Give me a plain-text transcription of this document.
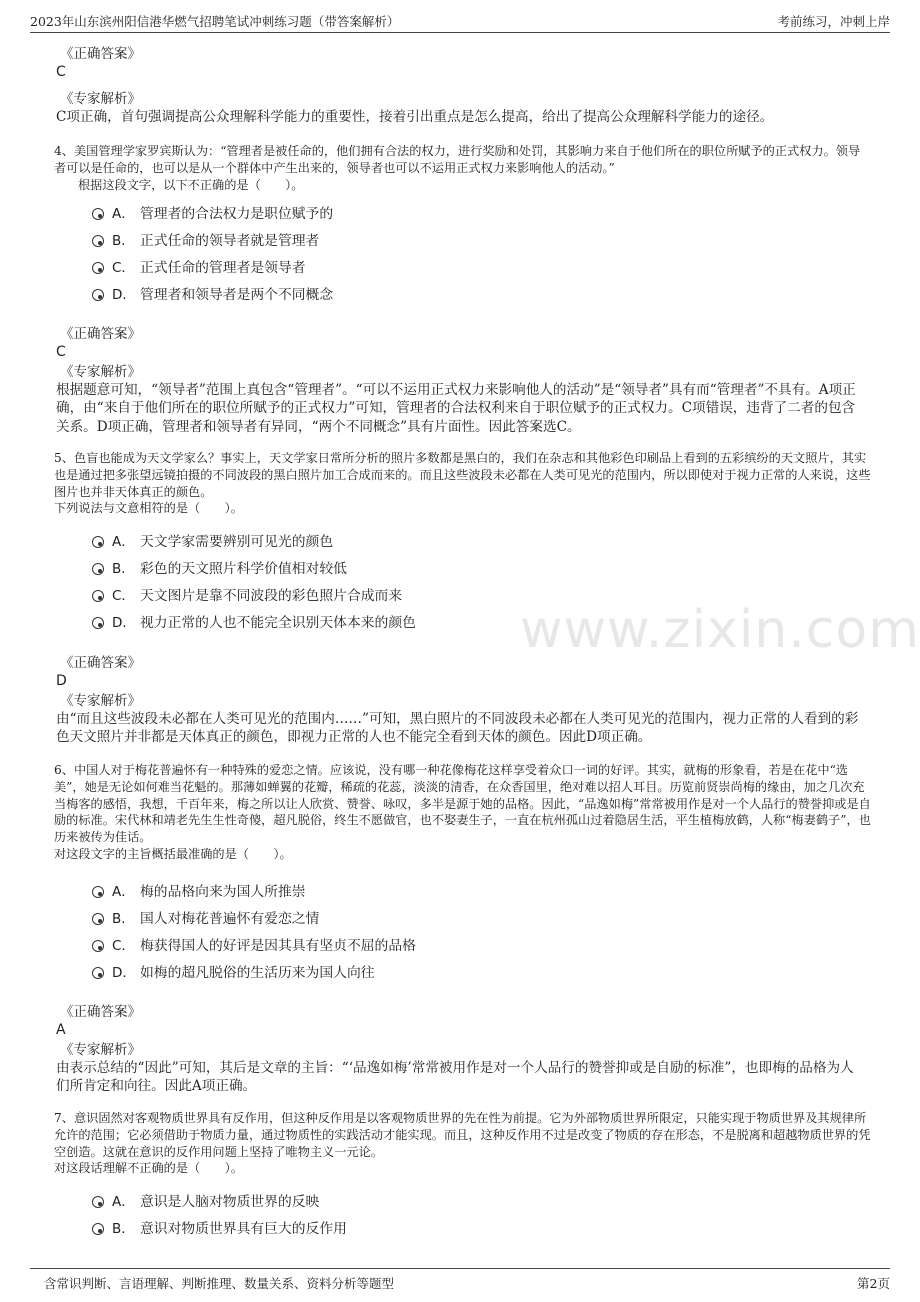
2023年山东滨州阳信港华燃气招聘笔试冲刺练习题（带答案解析）	考前练习，冲刺上岸
www.zixin.com
《正确答案》
C
《专家解析》
C项正确，首句强调提高公众理解科学能力的重要性，接着引出重点是怎么提高，给出了提高公众理解科学能力的途径。

4、美国管理学家罗宾斯认为：“管理者是被任命的，他们拥有合法的权力，进行奖励和处罚，其影响力来自于他们所在的职位所赋予的正式权力。领导者可以是任命的，也可以是从一个群体中产生出来的，领导者也可以不运用正式权力来影响他人的活动。”

根据这段文字，以下不正确的是（　　）。

A． 管理者的合法权力是职位赋予的
B． 正式任命的领导者就是管理者
C． 正式任命的管理者是领导者
D． 管理者和领导者是两个不同概念
《正确答案》
C
《专家解析》
根据题意可知，“领导者”范围上真包含“管理者”。“可以不运用正式权力来影响他人的活动”是“领导者”具有而“管理者”不具有。A项正确，由“来自于他们所在的职位所赋予的正式权力”可知，管理者的合法权利来自于职位赋予的正式权力。C项错误，违背了二者的包含关系。D项正确，管理者和领导者有异同，“两个不同概念”具有片面性。因此答案选C。

5、色盲也能成为天文学家么？事实上，天文学家日常所分析的照片多数都是黑白的，我们在杂志和其他彩色印刷品上看到的五彩缤纷的天文照片，其实也是通过把多张望远镜拍摄的不同波段的黑白照片加工合成而来的。而且这些波段未必都在人类可见光的范围内，所以即使对于视力正常的人来说，这些图片也并非天体真正的颜色。

下列说法与文意相符的是（　　）。

A． 天文学家需要辨别可见光的颜色
B． 彩色的天文照片科学价值相对较低
C． 天文图片是靠不同波段的彩色照片合成而来
D． 视力正常的人也不能完全识别天体本来的颜色
《正确答案》
D
《专家解析》
由“而且这些波段未必都在人类可见光的范围内……”可知，黑白照片的不同波段未必都在人类可见光的范围内，视力正常的人看到的彩色天文照片并非都是天体真正的颜色，即视力正常的人也不能完全看到天体的颜色。因此D项正确。

6、中国人对于梅花普遍怀有一种特殊的爱恋之情。应该说，没有哪一种花像梅花这样享受着众口一词的好评。其实，就梅的形象看，若是在花中“选美”，她是无论如何难当花魁的。那薄如蝉翼的花瓣，稀疏的花蕊，淡淡的清香，在众香国里，绝对难以招人耳目。历览前贤崇尚梅的缘由，加之几次充当梅客的感悟，我想，千百年来，梅之所以让人欣赏、赞誉、咏叹，多半是源于她的品格。因此，“品逸如梅”常常被用作是对一个人品行的赞誉抑或是自励的标准。宋代林和靖老先生生性奇傻，超凡脱俗，终生不愿做官，也不娶妻生子，一直在杭州孤山过着隐居生活，平生植梅放鹤，人称“梅妻鹤子”，也历来被传为佳话。

对这段文字的主旨概括最准确的是（　　）。

A． 梅的品格向来为国人所推崇
B． 国人对梅花普遍怀有爱恋之情
C． 梅获得国人的好评是因其具有坚贞不屈的品格
D． 如梅的超凡脱俗的生活历来为国人向往
《正确答案》
A
《专家解析》
由表示总结的“因此”可知，其后是文章的主旨：“‘品逸如梅’常常被用作是对一个人品行的赞誉抑或是自励的标准”，也即梅的品格为人们所肯定和向往。因此A项正确。

7、意识固然对客观物质世界具有反作用，但这种反作用是以客观物质世界的先在性为前提。它为外部物质世界所限定，只能实现于物质世界及其规律所允许的范围；它必须借助于物质力量，通过物质性的实践活动才能实现。而且，这种反作用不过是改变了物质的存在形态，不是脱离和超越物质世界的凭空创造。这就在意识的反作用问题上坚持了唯物主义一元论。

对这段话理解不正确的是（　　）。

A． 意识是人脑对物质世界的反映
B． 意识对物质世界具有巨大的反作用
含常识判断、言语理解、判断推理、数量关系、资料分析等题型	第2页
